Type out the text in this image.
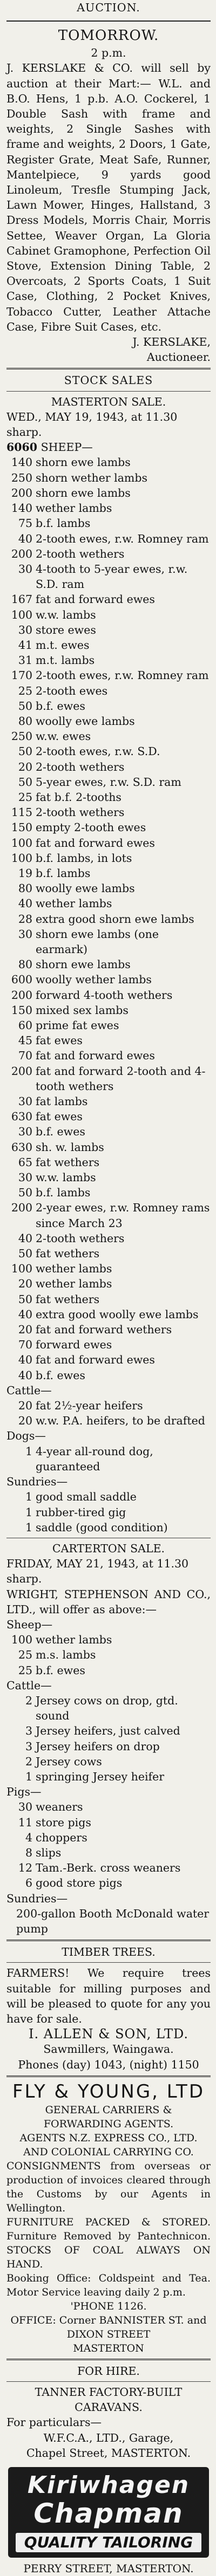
AUCTION.
TOMORROW.
2 p.m.
J. KERSLAKE & CO. will sell by auction at their Mart:— W.L. and B.O. Hens, 1 p.b. A.O. Cockerel, 1 Double Sash with frame and weights, 2 Single Sashes with frame and weights, 2 Doors, 1 Gate, Register Grate, Meat Safe, Runner, Mantelpiece, 9 yards good Linoleum, Tresfle Stumping Jack, Lawn Mower, Hinges, Hallstand, 3 Dress Models, Morris Chair, Morris Settee, Weaver Organ, La Gloria Cabinet Gramophone, Perfection Oil Stove, Extension Dining Table, 2 Overcoats, 2 Sports Coats, 1 Suit Case, Clothing, 2 Pocket Knives, Tobacco Cutter, Leather Attache Case, Fibre Suit Cases, etc.
J. KERSLAKE,
Auctioneer.
STOCK SALES
MASTERTON SALE.
WED., MAY 19, 1943, at 11.30 sharp.
6060 SHEEP—
140 shorn ewe lambs
250 shorn wether lambs
200 shorn ewe lambs
140 wether lambs
75 b.f. lambs
40 2-tooth ewes, r.w. Romney ram
200 2-tooth wethers
30 4-tooth to 5-year ewes, r.w. S.D. ram
167 fat and forward ewes
100 w.w. lambs
30 store ewes
41 m.t. ewes
31 m.t. lambs
170 2-tooth ewes, r.w. Romney ram
25 2-tooth ewes
50 b.f. ewes
80 woolly ewe lambs
250 w.w. ewes
50 2-tooth ewes, r.w. S.D.
20 2-tooth wethers
50 5-year ewes, r.w. S.D. ram
25 fat b.f. 2-tooths
115 2-tooth wethers
150 empty 2-tooth ewes
100 fat and forward ewes
100 b.f. lambs, in lots
19 b.f. lambs
80 woolly ewe lambs
40 wether lambs
28 extra good shorn ewe lambs
30 shorn ewe lambs (one earmark)
80 shorn ewe lambs
600 woolly wether lambs
200 forward 4-tooth wethers
150 mixed sex lambs
60 prime fat ewes
45 fat ewes
70 fat and forward ewes
200 fat and forward 2-tooth and 4-tooth wethers
30 fat lambs
630 fat ewes
30 b.f. ewes
630 sh. w. lambs
65 fat wethers
30 w.w. lambs
50 b.f. lambs
200 2-year ewes, r.w. Romney rams since March 23
40 2-tooth wethers
50 fat wethers
100 wether lambs
20 wether lambs
50 fat wethers
40 extra good woolly ewe lambs
20 fat and forward wethers
70 forward ewes
40 fat and forward ewes
40 b.f. ewes
Cattle—
20 fat 2½-year heifers
20 w.w. P.A. heifers, to be drafted
Dogs—
1 4-year all-round dog, guaranteed
Sundries—
1 good small saddle
1 rubber-tired gig
1 saddle (good condition)
CARTERTON SALE.
FRIDAY, MAY 21, 1943, at 11.30 sharp.
WRIGHT, STEPHENSON AND CO., LTD., will offer as above:—
Sheep—
100 wether lambs
25 m.s. lambs
25 b.f. ewes
Cattle—
2 Jersey cows on drop, gtd. sound
3 Jersey heifers, just calved
3 Jersey heifers on drop
2 Jersey cows
1 springing Jersey heifer
Pigs—
30 weaners
11 store pigs
4 choppers
8 slips
12 Tam.-Berk. cross weaners
6 good store pigs
Sundries—
200-gallon Booth McDonald water pump
TIMBER TREES.
FARMERS! We require trees suitable for milling purposes and will be pleased to quote for any you have for sale.
I. ALLEN & SON, LTD.
Sawmillers, Waingawa.
Phones (day) 1043, (night) 1150
FLY & YOUNG, LTD
GENERAL CARRIERS & FORWARDING AGENTS.
AGENTS N.Z. EXPRESS CO., LTD. AND COLONIAL CARRYING CO.
CONSIGNMENTS from overseas or production of invoices cleared through the Customs by our Agents in Wellington.
FURNITURE PACKED & STORED. Furniture Removed by Pantechnicon. STOCKS OF COAL ALWAYS ON HAND.
Booking Office: Coldspeint and Tea. Motor Service leaving daily 2 p.m.
'PHONE 1126.
OFFICE: Corner BANNISTER ST. and DIXON STREET
MASTERTON
FOR HIRE.
TANNER FACTORY-BUILT CARAVANS.
For particulars—
W.F.C.A., LTD., Garage,
Chapel Street, MASTERTON.
Kiriwhagen
Chapman
QUALITY TAILORING
PERRY STREET, MASTERTON.
